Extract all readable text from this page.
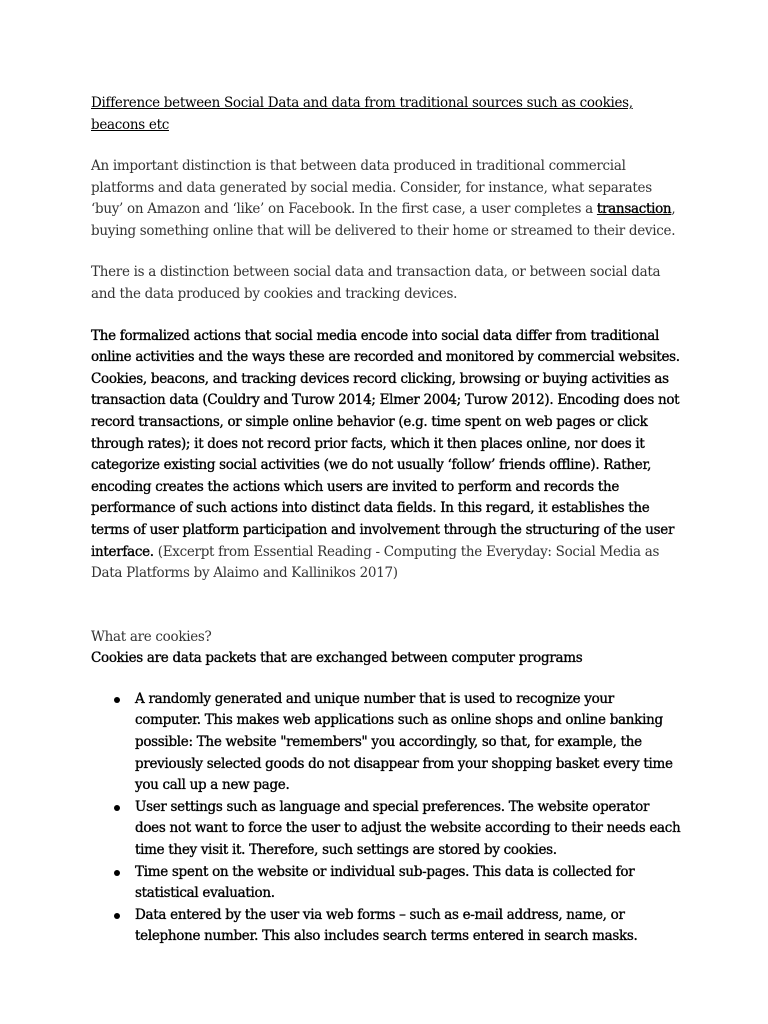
Difference between Social Data and data from traditional sources such as cookies, beacons etc

An important distinction is that between data produced in traditional commercial platforms and data generated by social media. Consider, for instance, what separates ‘buy’ on Amazon and ‘like’ on Facebook. In the first case, a user completes a transaction, buying something online that will be delivered to their home or streamed to their device.

There is a distinction between social data and transaction data, or between social data and the data produced by cookies and tracking devices.

The formalized actions that social media encode into social data differ from traditional online activities and the ways these are recorded and monitored by commercial websites. Cookies, beacons, and tracking devices record clicking, browsing or buying activities as transaction data (Couldry and Turow 2014; Elmer 2004; Turow 2012). Encoding does not record transactions, or simple online behavior (e.g. time spent on web pages or click through rates); it does not record prior facts, which it then places online, nor does it categorize existing social activities (we do not usually ‘follow’ friends offline). Rather, encoding creates the actions which users are invited to perform and records the performance of such actions into distinct data fields. In this regard, it establishes the terms of user platform participation and involvement through the structuring of the user interface. (Excerpt from Essential Reading - Computing the Everyday: Social Media as Data Platforms by Alaimo and Kallinikos 2017)

What are cookies?

Cookies are data packets that are exchanged between computer programs

A randomly generated and unique number that is used to recognize your computer. This makes web applications such as online shops and online banking possible: The website "remembers" you accordingly, so that, for example, the previously selected goods do not disappear from your shopping basket every time you call up a new page.
User settings such as language and special preferences. The website operator does not want to force the user to adjust the website according to their needs each time they visit it. Therefore, such settings are stored by cookies.
Time spent on the website or individual sub-pages. This data is collected for statistical evaluation.
Data entered by the user via web forms – such as e-mail address, name, or telephone number. This also includes search terms entered in search masks.
